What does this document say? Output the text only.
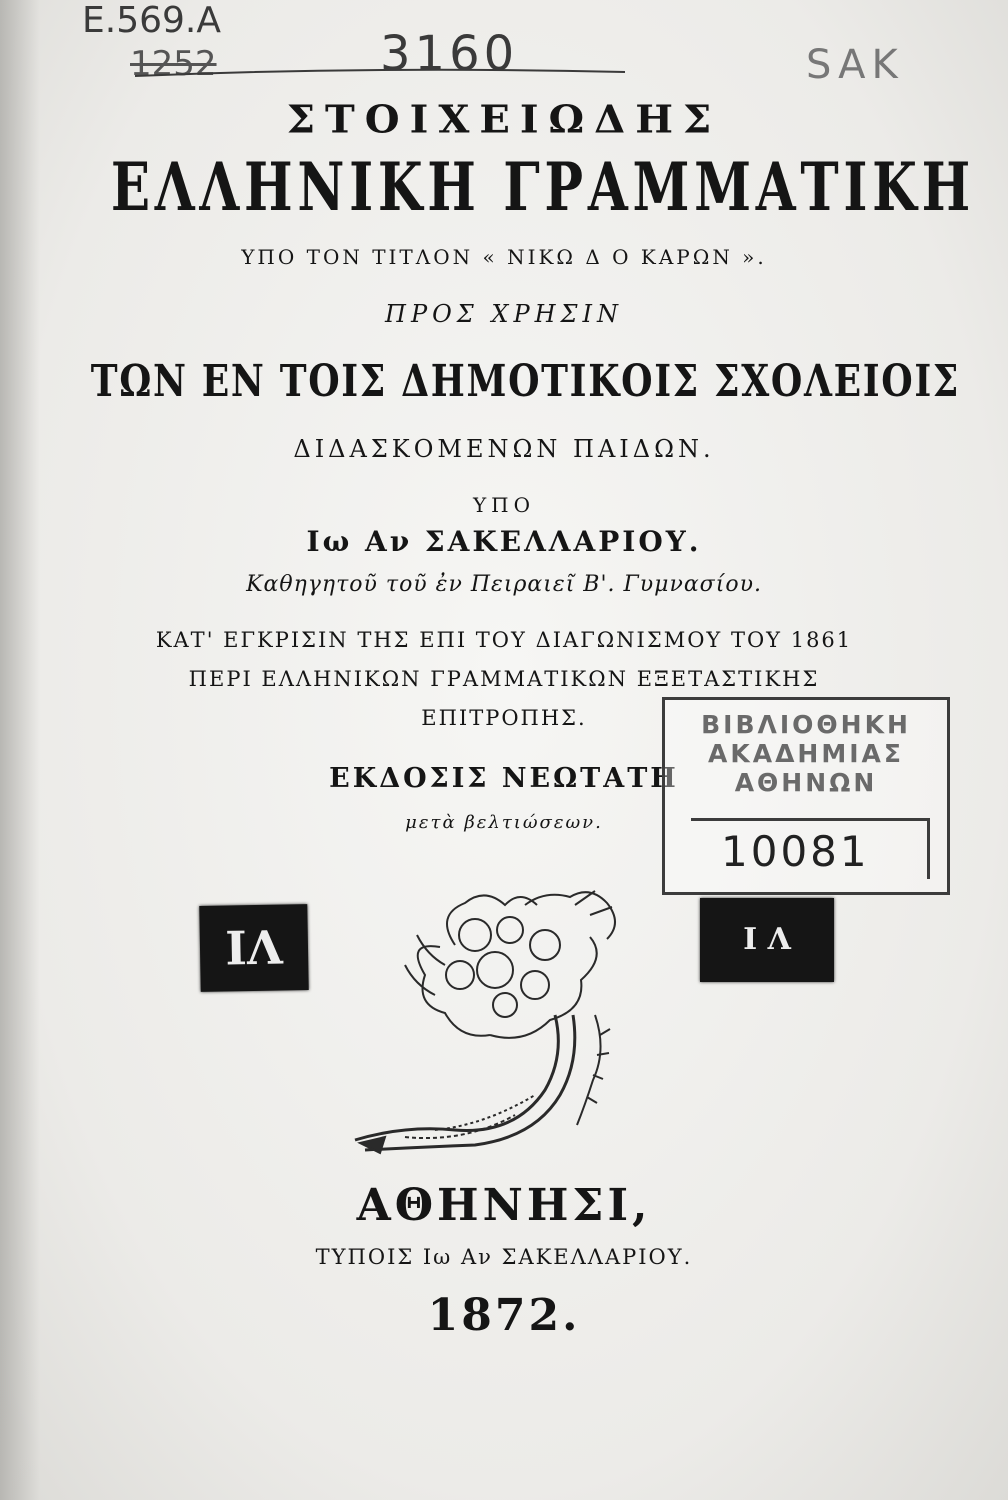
Ε.569.Α
1252	3160	SAK
ΣΤΟΙΧΕΙΩΔΗΣ
ΕΛΛΗΝΙΚΗ ΓΡΑΜΜΑΤΙΚΗ
ΥΠΟ ΤΟΝ ΤΙΤΛΟΝ « ΝΙΚΩ Δ Ο ΚΑΡΩΝ ».
ΠΡΟΣ ΧΡΗΣΙΝ
ΤΩΝ ΕΝ ΤΟΙΣ ΔΗΜΟΤΙΚΟΙΣ ΣΧΟΛΕΙΟΙΣ
ΔΙΔΑΣΚΟΜΕΝΩΝ ΠΑΙΔΩΝ.
ΥΠΟ
Ιω Αν ΣΑΚΕΛΛΑΡΙΟΥ.
Καθηγητοῦ τοῦ ἐν Πειραιεῖ Β'. Γυμνασίου.
ΚΑΤ' ΕΓΚΡΙΣΙΝ ΤΗΣ ΕΠΙ ΤΟΥ ΔΙΑΓΩΝΙΣΜΟΥ ΤΟΥ 1861
ΠΕΡΙ ΕΛΛΗΝΙΚΩΝ ΓΡΑΜΜΑΤΙΚΩΝ ΕΞΕΤΑΣΤΙΚΗΣ
ΕΠΙΤΡΟΠΗΣ.
ΕΚΔΟΣΙΣ ΝΕΩΤΑΤΗ
μετὰ βελτιώσεων.
ΒΙΒΛΙΟΘΗΚΗ
ΑΚΑΔΗΜΙΑΣ
ΑΘΗΝΩΝ
10081
ΙΛ	Ι Λ
ΑΘΗΝΗΣΙ,
ΤΥΠΟΙΣ Ιω Αν ΣΑΚΕΛΛΑΡΙΟΥ.
1872.
